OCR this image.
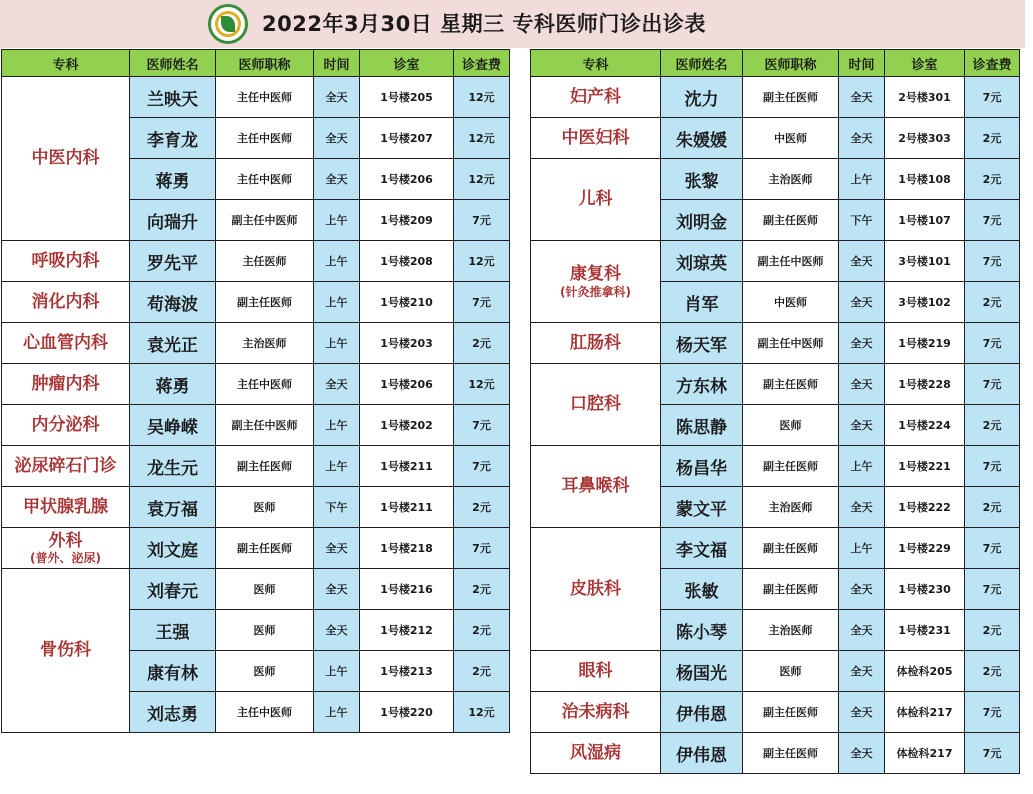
2022年3月30日 星期三 专科医师门诊出诊表
专科	医师姓名	医师职称	时间	诊室	诊查费
中医内科	兰映天	主任中医师	全天	1号楼205	12元
	李育龙	主任中医师	全天	1号楼207	12元
	蒋勇	主任中医师	全天	1号楼206	12元
	向瑞升	副主任中医师	上午	1号楼209	7元
呼吸内科	罗先平	主任医师	上午	1号楼208	12元
消化内科	苟海波	副主任医师	上午	1号楼210	7元
心血管内科	袁光正	主治医师	上午	1号楼203	2元
肿瘤内科	蒋勇	主任中医师	全天	1号楼206	12元
内分泌科	吴峥嵘	副主任中医师	上午	1号楼202	7元
泌尿碎石门诊	龙生元	副主任医师	上午	1号楼211	7元
甲状腺乳腺	袁万福	医师	下午	1号楼211	2元
外科
(普外、泌尿)	刘文庭	副主任医师	全天	1号楼218	7元
骨伤科	刘春元	医师	全天	1号楼216	2元
	王强	医师	全天	1号楼212	2元
	康有林	医师	上午	1号楼213	2元
	刘志勇	主任中医师	上午	1号楼220	12元
专科	医师姓名	医师职称	时间	诊室	诊查费
妇产科	沈力	副主任医师	全天	2号楼301	7元
中医妇科	朱媛媛	中医师	全天	2号楼303	2元
儿科	张黎	主治医师	上午	1号楼108	2元
	刘明金	副主任医师	下午	1号楼107	7元
康复科
(针灸推拿科)	刘琼英	副主任中医师	全天	3号楼101	7元
	肖军	中医师	全天	3号楼102	2元
肛肠科	杨天军	副主任中医师	全天	1号楼219	7元
口腔科	方东林	副主任医师	全天	1号楼228	7元
	陈思静	医师	全天	1号楼224	2元
耳鼻喉科	杨昌华	副主任医师	上午	1号楼221	7元
	蒙文平	主治医师	全天	1号楼222	2元
皮肤科	李文福	副主任医师	上午	1号楼229	7元
	张敏	副主任医师	全天	1号楼230	7元
	陈小琴	主治医师	全天	1号楼231	2元
眼科	杨国光	医师	全天	体检科205	2元
治未病科	伊伟恩	副主任医师	全天	体检科217	7元
风湿病	伊伟恩	副主任医师	全天	体检科217	7元
